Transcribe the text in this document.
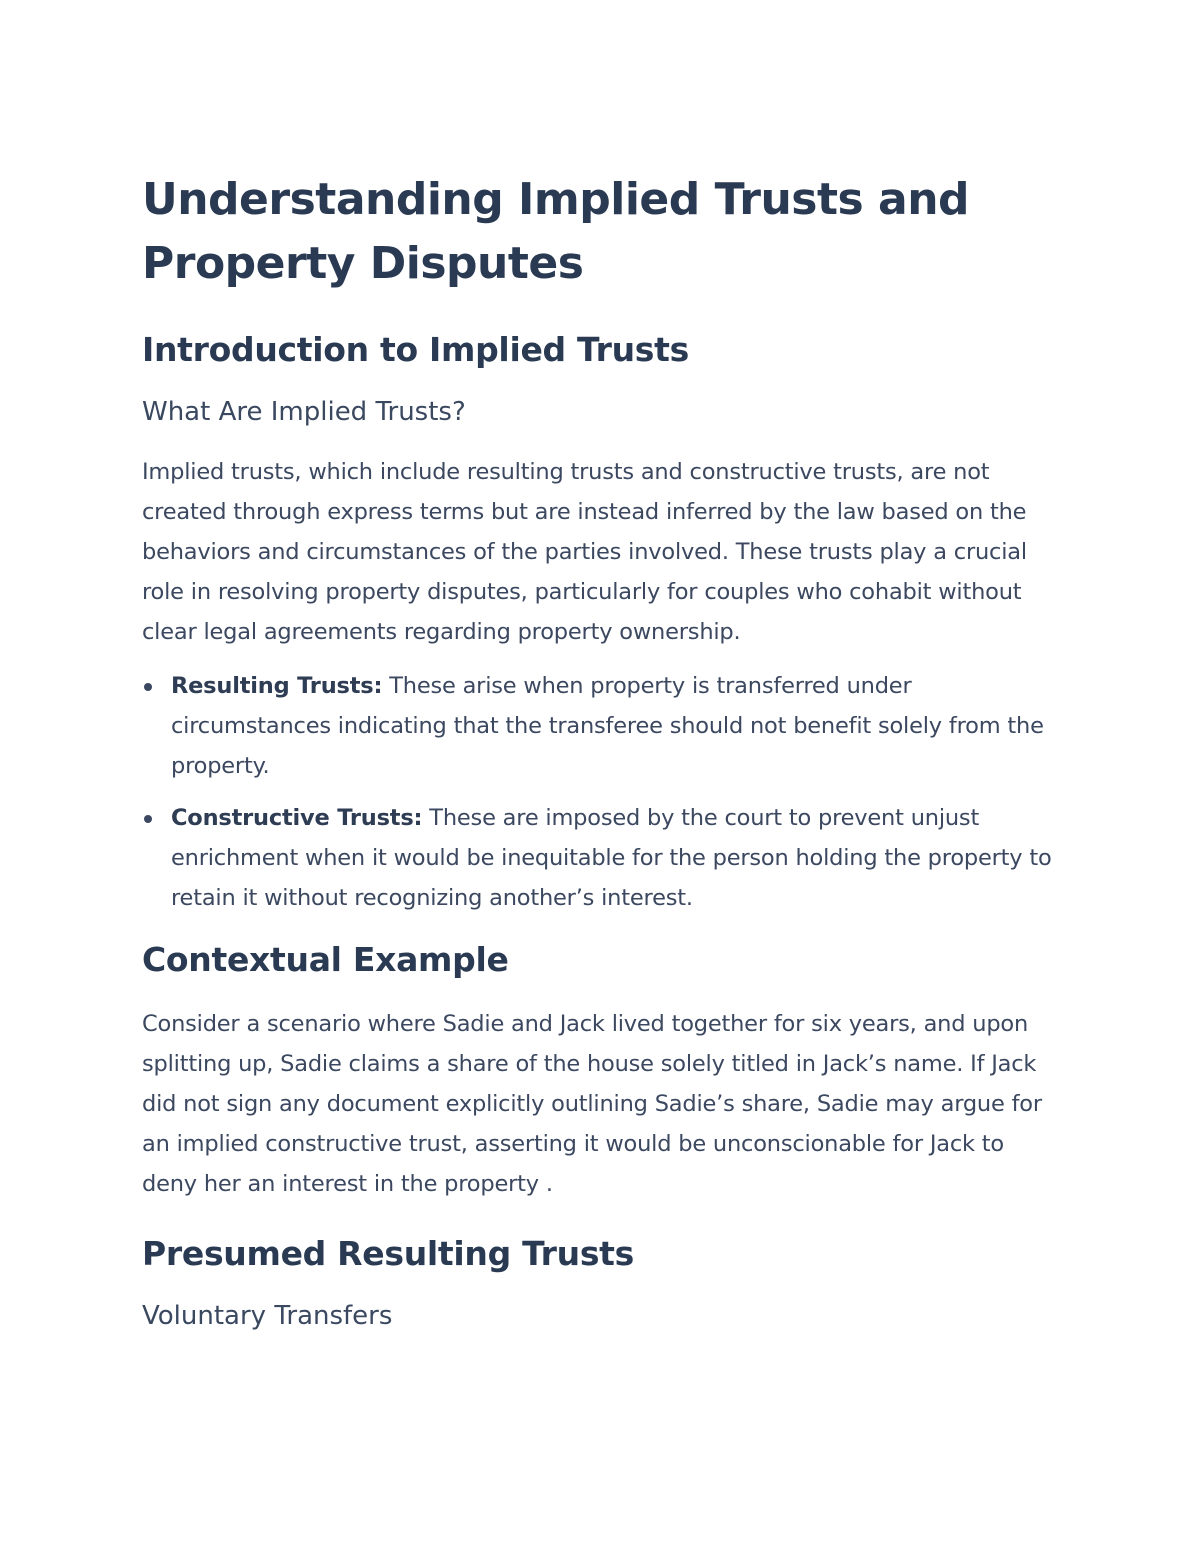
Understanding Implied Trusts and Property Disputes
Introduction to Implied Trusts
What Are Implied Trusts?

Implied trusts, which include resulting trusts and constructive trusts, are not created through express terms but are instead inferred by the law based on the behaviors and circumstances of the parties involved. These trusts play a crucial role in resolving property disputes, particularly for couples who cohabit without clear legal agreements regarding property ownership.

Resulting Trusts: These arise when property is transferred under circumstances indicating that the transferee should not benefit solely from the property.
Constructive Trusts: These are imposed by the court to prevent unjust enrichment when it would be inequitable for the person holding the property to retain it without recognizing another’s interest.
Contextual Example

Consider a scenario where Sadie and Jack lived together for six years, and upon splitting up, Sadie claims a share of the house solely titled in Jack’s name. If Jack did not sign any document explicitly outlining Sadie’s share, Sadie may argue for an implied constructive trust, asserting it would be unconscionable for Jack to deny her an interest in the property .

Presumed Resulting Trusts
Voluntary Transfers
